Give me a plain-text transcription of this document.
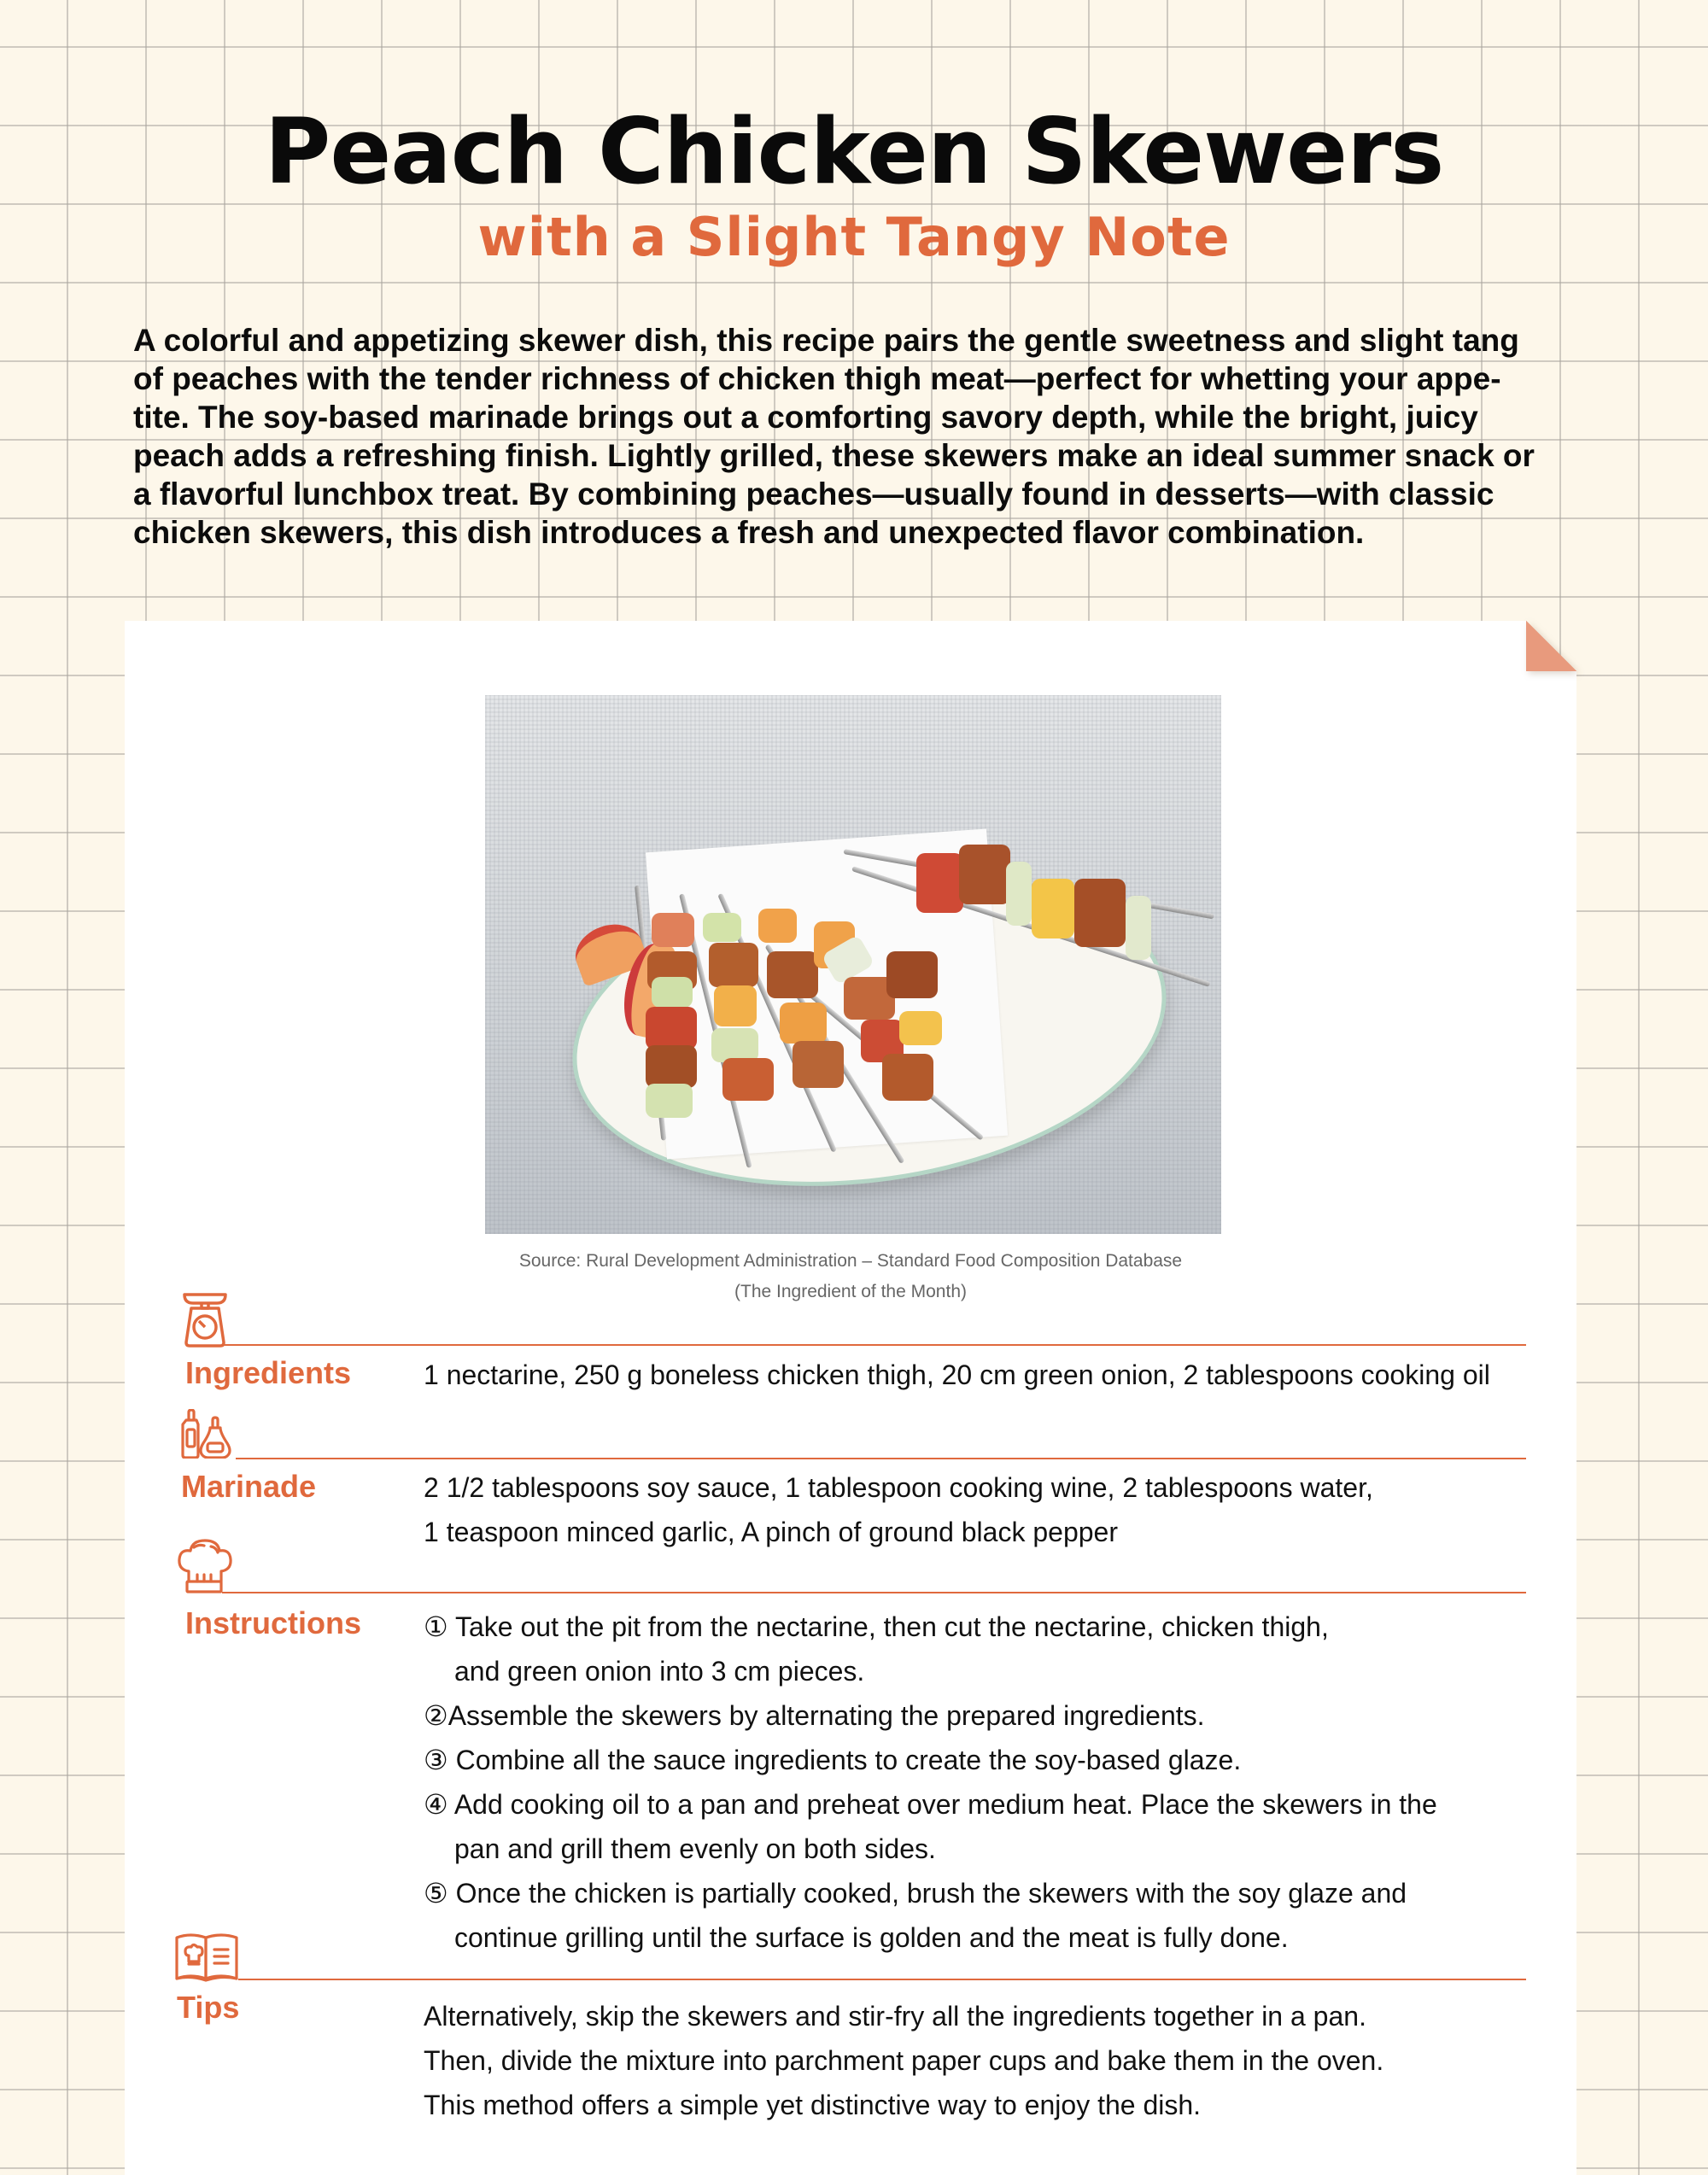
Peach Chicken Skewers
with a Slight Tangy Note
A colorful and appetizing skewer dish, this recipe pairs the gentle sweetness and slight tang
of peaches with the tender richness of chicken thigh meat—perfect for whetting your appe-
tite. The soy-based marinade brings out a comforting savory depth, while the bright, juicy
peach adds a refreshing finish. Lightly grilled, these skewers make an ideal summer snack or
a flavorful lunchbox treat. By combining peaches—usually found in desserts—with classic
chicken skewers, this dish introduces a fresh and unexpected flavor combination.
Source: Rural Development Administration – Standard Food Composition Database
(The Ingredient of the Month)
Ingredients	1 nectarine, 250 g boneless chicken thigh, 20 cm green onion, 2 tablespoons cooking oil

Marinade	2 1/2 tablespoons soy sauce, 1 tablespoon cooking wine, 2 tablespoons water,

1 teaspoon minced garlic, A pinch of ground black pepper

Instructions ① Take out the pit from the nectarine, then cut the nectarine, chicken thigh,
and green onion into 3 cm pieces.

②Assemble the skewers by alternating the prepared ingredients.

③ Combine all the sauce ingredients to create the soy-based glaze.

④ Add cooking oil to a pan and preheat over medium heat. Place the skewers in the
pan and grill them evenly on both sides.

⑤ Once the chicken is partially cooked, brush the skewers with the soy glaze and
continue grilling until the surface is golden and the meat is fully done.

Tips	Alternatively, skip the skewers and stir-fry all the ingredients together in a pan.

Then, divide the mixture into parchment paper cups and bake them in the oven.

This method offers a simple yet distinctive way to enjoy the dish.
